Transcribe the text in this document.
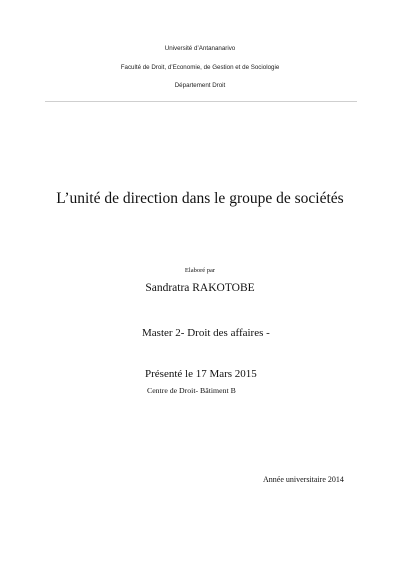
Université d’Antananarivo
Faculté de Droit, d’Economie, de Gestion et de Sociologie
Département Droit
L’unité de direction dans le groupe de sociétés
Elaboré par
Sandratra RAKOTOBE
Master 2- Droit des affaires -
Présenté le 17 Mars 2015
Centre de Droit- Bâtiment B
Année universitaire 2014
